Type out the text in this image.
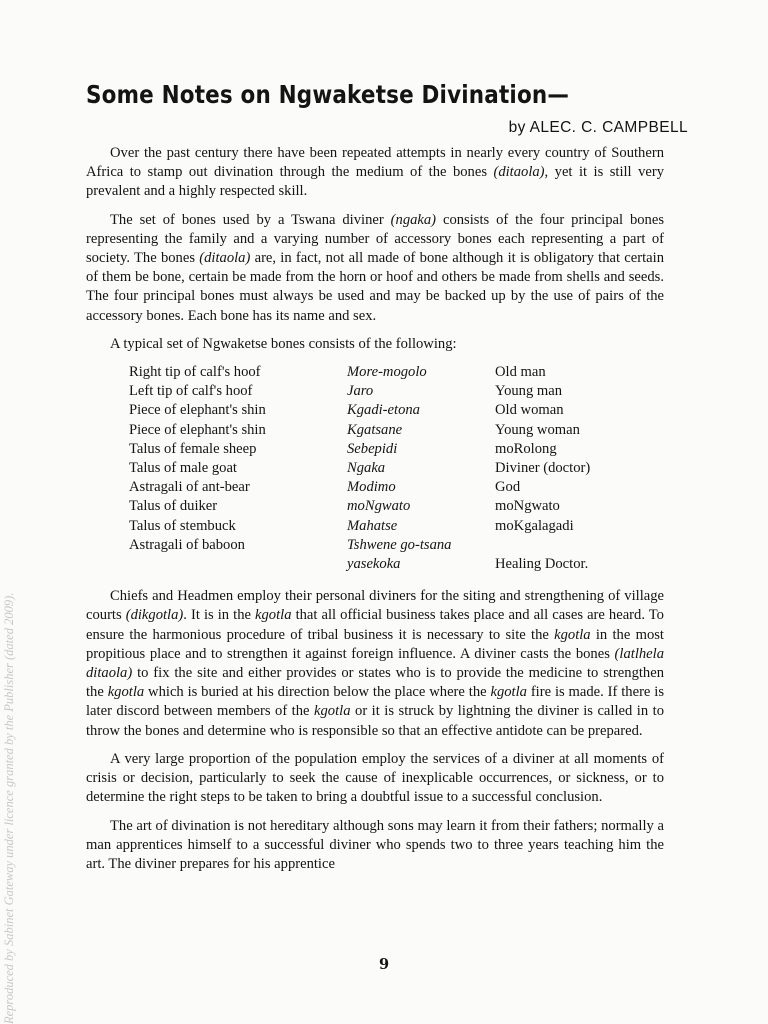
Reproduced by Sabinet Gateway under licence granted by the Publisher (dated 2009).
Some Notes on Ngwaketse Divination—
by ALEC. C. CAMPBELL

Over the past century there have been repeated attempts in nearly every country of Southern Africa to stamp out divination through the medium of the bones (ditaola), yet it is still very prevalent and a highly respected skill.

The set of bones used by a Tswana diviner (ngaka) consists of the four principal bones representing the family and a varying number of accessory bones each representing a part of society. The bones (ditaola) are, in fact, not all made of bone although it is obligatory that certain of them be bone, certain be made from the horn or hoof and others be made from shells and seeds. The four principal bones must always be used and may be backed up by the use of pairs of the accessory bones. Each bone has its name and sex.

A typical set of Ngwaketse bones consists of the following:

Right tip of calf's hoof	More-mogolo	Old man
Left tip of calf's hoof	Jaro	Young man
Piece of elephant's shin	Kgadi-etona	Old woman
Piece of elephant's shin	Kgatsane	Young woman
Talus of female sheep	Sebepidi	moRolong
Talus of male goat	Ngaka	Diviner (doctor)
Astragali of ant-bear	Modimo	God
Talus of duiker	moNgwato	moNgwato
Talus of stembuck	Mahatse	moKgalagadi
Astragali of baboon	Tshwene go-tsana	
	yasekoka	Healing Doctor.

Chiefs and Headmen employ their personal diviners for the siting and strengthening of village courts (dikgotla). It is in the kgotla that all official business takes place and all cases are heard. To ensure the harmonious procedure of tribal business it is necessary to site the kgotla in the most propitious place and to strengthen it against foreign influence. A diviner casts the bones (latlhela ditaola) to fix the site and either provides or states who is to provide the medicine to strengthen the kgotla which is buried at his direction below the place where the kgotla fire is made. If there is later discord between members of the kgotla or it is struck by lightning the diviner is called in to throw the bones and determine who is responsible so that an effective antidote can be prepared.

A very large proportion of the population employ the services of a diviner at all moments of crisis or decision, particularly to seek the cause of inexplicable occurrences, or sickness, or to determine the right steps to be taken to bring a doubtful issue to a successful conclusion.

The art of divination is not hereditary although sons may learn it from their fathers; normally a man apprentices himself to a successful diviner who spends two to three years teaching him the art. The diviner prepares for his apprentice

9
